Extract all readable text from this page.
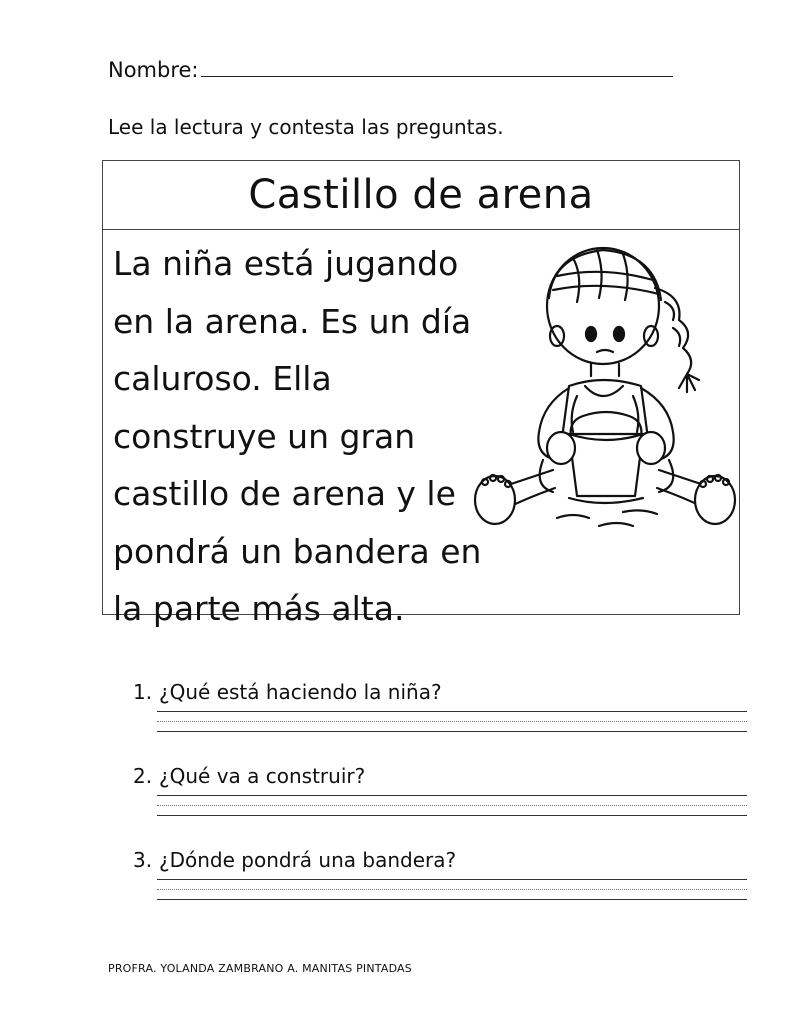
Nombre:
Lee la lectura y contesta las preguntas.
Castillo de arena
La niña está jugando
en la arena. Es un día
caluroso. Ella
construye un gran
castillo de arena y le
pondrá un bandera en
la parte más alta.
1. ¿Qué está haciendo la niña?
2. ¿Qué va a construir?
3. ¿Dónde pondrá una bandera?
PROFRA. YOLANDA ZAMBRANO A. MANITAS PINTADAS
